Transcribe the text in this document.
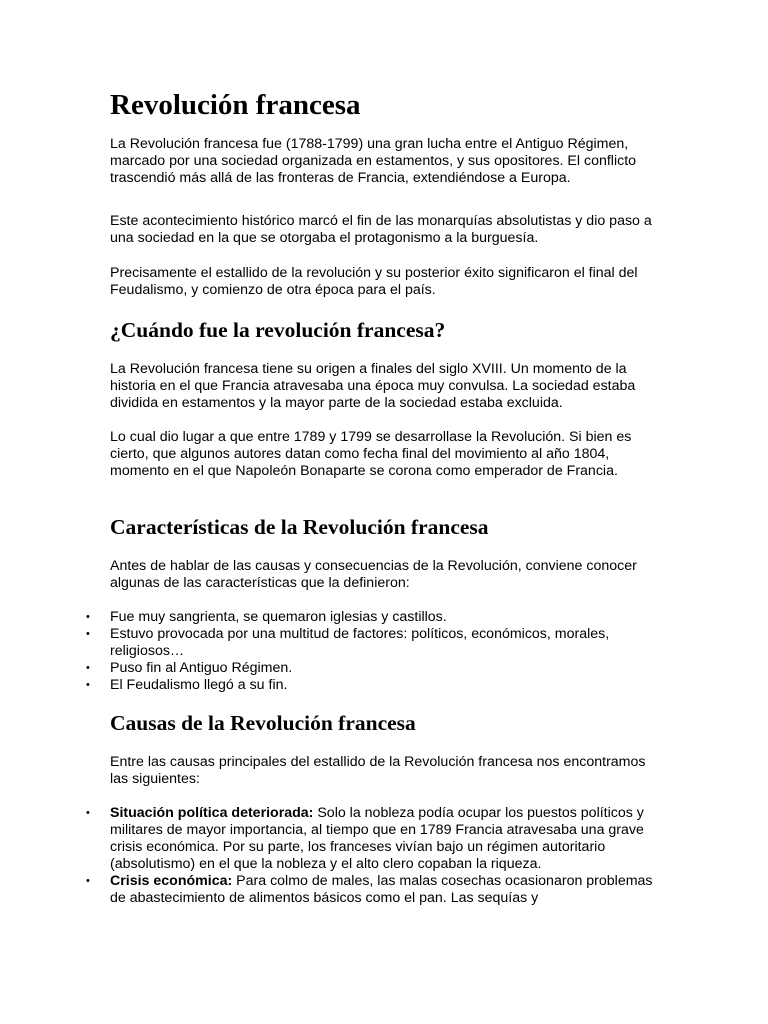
Revolución francesa

La Revolución francesa fue (1788-1799) una gran lucha entre el Antiguo Régimen, marcado por una sociedad organizada en estamentos, y sus opositores. El conflicto trascendió más allá de las fronteras de Francia, extendiéndose a Europa.

Este acontecimiento histórico marcó el fin de las monarquías absolutistas y dio paso a una sociedad en la que se otorgaba el protagonismo a la burguesía.

Precisamente el estallido de la revolución y su posterior éxito significaron el final del Feudalismo, y comienzo de otra época para el país.

¿Cuándo fue la revolución francesa?

La Revolución francesa tiene su origen a finales del siglo XVIII. Un momento de la historia en el que Francia atravesaba una época muy convulsa. La sociedad estaba dividida en estamentos y la mayor parte de la sociedad estaba excluida.

Lo cual dio lugar a que entre 1789 y 1799 se desarrollase la Revolución. Si bien es cierto, que algunos autores datan como fecha final del movimiento al año 1804, momento en el que Napoleón Bonaparte se corona como emperador de Francia.

Características de la Revolución francesa

Antes de hablar de las causas y consecuencias de la Revolución, conviene conocer algunas de las características que la definieron:

• Fue muy sangrienta, se quemaron iglesias y castillos.
• Estuvo provocada por una multitud de factores: políticos, económicos, morales, religiosos…
• Puso fin al Antiguo Régimen.
• El Feudalismo llegó a su fin.
Causas de la Revolución francesa

Entre las causas principales del estallido de la Revolución francesa nos encontramos las siguientes:

• Situación política deteriorada: Solo la nobleza podía ocupar los puestos políticos y militares de mayor importancia, al tiempo que en 1789 Francia atravesaba una grave crisis económica. Por su parte, los franceses vivían bajo un régimen autoritario (absolutismo) en el que la nobleza y el alto clero copaban la riqueza.
• Crisis económica: Para colmo de males, las malas cosechas ocasionaron problemas de abastecimiento de alimentos básicos como el pan. Las sequías y
